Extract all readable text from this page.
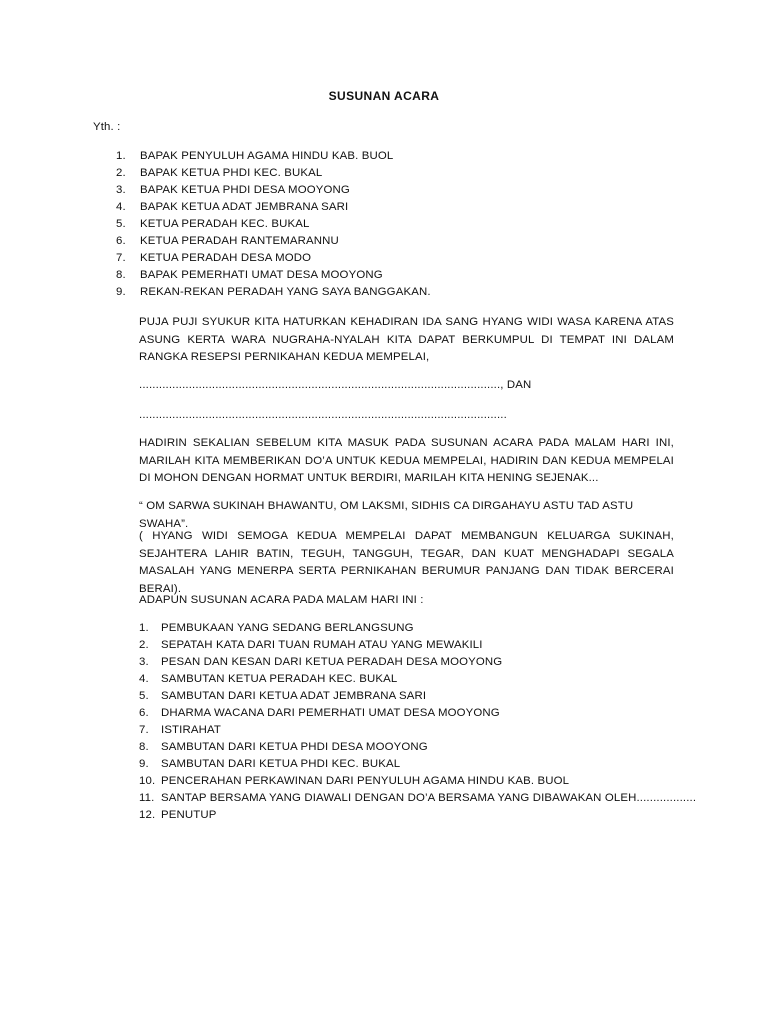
SUSUNAN ACARA
Yth. :
1. BAPAK PENYULUH AGAMA HINDU KAB. BUOL
2. BAPAK KETUA PHDI KEC. BUKAL
3. BAPAK KETUA PHDI DESA MOOYONG
4. BAPAK KETUA ADAT JEMBRANA SARI
5. KETUA PERADAH KEC. BUKAL
6. KETUA PERADAH RANTEMARANNU
7. KETUA PERADAH DESA MODO
8. BAPAK PEMERHATI UMAT DESA MOOYONG
9. REKAN-REKAN PERADAH YANG SAYA BANGGAKAN.
PUJA PUJI SYUKUR KITA HATURKAN KEHADIRAN IDA SANG HYANG WIDI WASA KARENA ATAS ASUNG KERTA WARA NUGRAHA-NYALAH KITA DAPAT BERKUMPUL DI TEMPAT INI DALAM RANGKA RESEPSI PERNIKAHAN KEDUA MEMPELAI,
............................................................................................................., DAN
...............................................................................................................
HADIRIN SEKALIAN SEBELUM KITA MASUK PADA SUSUNAN ACARA PADA MALAM HARI INI, MARILAH KITA MEMBERIKAN DO’A UNTUK KEDUA MEMPELAI, HADIRIN DAN KEDUA MEMPELAI DI MOHON DENGAN HORMAT UNTUK BERDIRI, MARILAH KITA HENING SEJENAK...
“ OM SARWA SUKINAH BHAWANTU, OM LAKSMI, SIDHIS CA DIRGAHAYU ASTU TAD ASTU SWAHA”.
( HYANG WIDI SEMOGA KEDUA MEMPELAI DAPAT MEMBANGUN KELUARGA SUKINAH, SEJAHTERA LAHIR BATIN, TEGUH, TANGGUH, TEGAR, DAN KUAT MENGHADAPI SEGALA MASALAH YANG MENERPA SERTA PERNIKAHAN BERUMUR PANJANG DAN TIDAK BERCERAI BERAI).
ADAPUN SUSUNAN ACARA PADA MALAM HARI INI :
1. PEMBUKAAN YANG SEDANG BERLANGSUNG
2. SEPATAH KATA DARI TUAN RUMAH ATAU YANG MEWAKILI
3. PESAN DAN KESAN DARI KETUA PERADAH DESA MOOYONG
4. SAMBUTAN KETUA PERADAH KEC. BUKAL
5. SAMBUTAN DARI KETUA ADAT JEMBRANA SARI
6. DHARMA WACANA DARI PEMERHATI UMAT DESA MOOYONG
7. ISTIRAHAT
8. SAMBUTAN DARI KETUA PHDI DESA MOOYONG
9. SAMBUTAN DARI KETUA PHDI KEC. BUKAL
10. PENCERAHAN PERKAWINAN DARI PENYULUH AGAMA HINDU KAB. BUOL
11. SANTAP BERSAMA YANG DIAWALI DENGAN DO’A BERSAMA YANG DIBAWAKAN OLEH..................
12. PENUTUP
